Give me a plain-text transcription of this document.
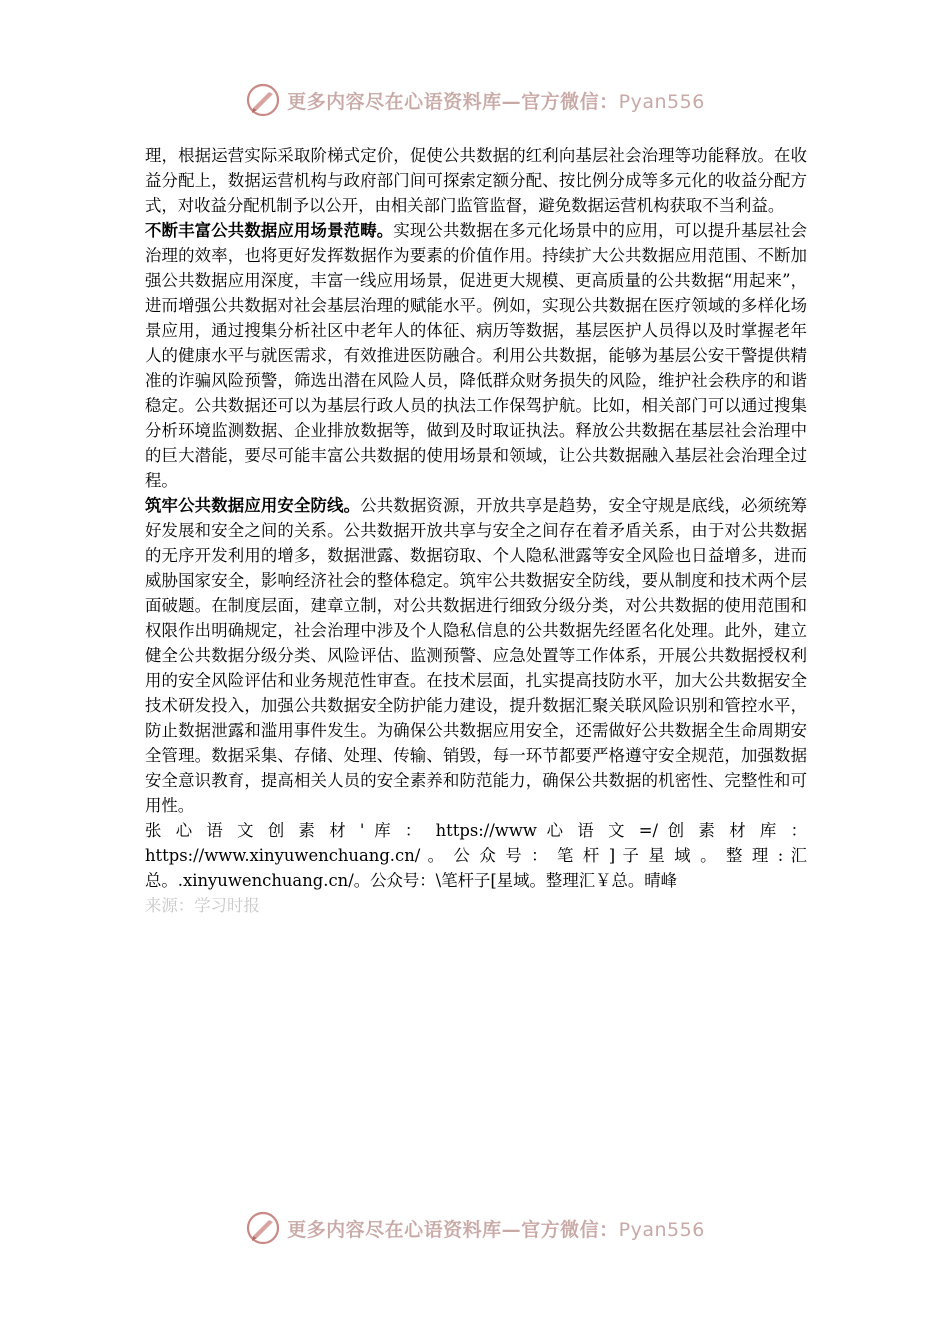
更多内容尽在心语资料库—官方微信：Pyan556

理，根据运营实际采取阶梯式定价，促使公共数据的红利向基层社会治理等功能释放。在收益分配上，数据运营机构与政府部门间可探索定额分配、按比例分成等多元化的收益分配方式，对收益分配机制予以公开，由相关部门监管监督，避免数据运营机构获取不当利益。

不断丰富公共数据应用场景范畴。实现公共数据在多元化场景中的应用，可以提升基层社会治理的效率，也将更好发挥数据作为要素的价值作用。持续扩大公共数据应用范围、不断加强公共数据应用深度，丰富一线应用场景，促进更大规模、更高质量的公共数据“用起来”，进而增强公共数据对社会基层治理的赋能水平。例如，实现公共数据在医疗领域的多样化场景应用，通过搜集分析社区中老年人的体征、病历等数据，基层医护人员得以及时掌握老年人的健康水平与就医需求，有效推进医防融合。利用公共数据，能够为基层公安干警提供精准的诈骗风险预警，筛选出潜在风险人员，降低群众财务损失的风险，维护社会秩序的和谐稳定。公共数据还可以为基层行政人员的执法工作保驾护航。比如，相关部门可以通过搜集分析环境监测数据、企业排放数据等，做到及时取证执法。释放公共数据在基层社会治理中的巨大潜能，要尽可能丰富公共数据的使用场景和领域，让公共数据融入基层社会治理全过程。

筑牢公共数据应用安全防线。公共数据资源，开放共享是趋势，安全守规是底线，必须统筹好发展和安全之间的关系。公共数据开放共享与安全之间存在着矛盾关系，由于对公共数据的无序开发利用的增多，数据泄露、数据窃取、个人隐私泄露等安全风险也日益增多，进而威胁国家安全，影响经济社会的整体稳定。筑牢公共数据安全防线，要从制度和技术两个层面破题。在制度层面，建章立制，对公共数据进行细致分级分类，对公共数据的使用范围和权限作出明确规定，社会治理中涉及个人隐私信息的公共数据先经匿名化处理。此外，建立健全公共数据分级分类、风险评估、监测预警、应急处置等工作体系，开展公共数据授权利用的安全风险评估和业务规范性审查。在技术层面，扎实提高技防水平，加大公共数据安全技术研发投入，加强公共数据安全防护能力建设，提升数据汇聚关联风险识别和管控水平，防止数据泄露和滥用事件发生。为确保公共数据应用安全，还需做好公共数据全生命周期安全管理。数据采集、存储、处理、传输、销毁，每一环节都要严格遵守安全规范，加强数据安全意识教育，提高相关人员的安全素养和防范能力，确保公共数据的机密性、完整性和可用性。

张 心 语 文 创 素 材 ' 库 ： https://www 心 语 文 =/ 创 素 材 库 ： https://www.xinyuwenchuang.cn/ 。 公 众 号 ： 笔 杆 ] 子 星 域 。 整 理 : 汇总。.xinyuwenchuang.cn/。公众号：\笔杆子[星域。整理汇￥总。晴峰

来源：学习时报

更多内容尽在心语资料库—官方微信：Pyan556
